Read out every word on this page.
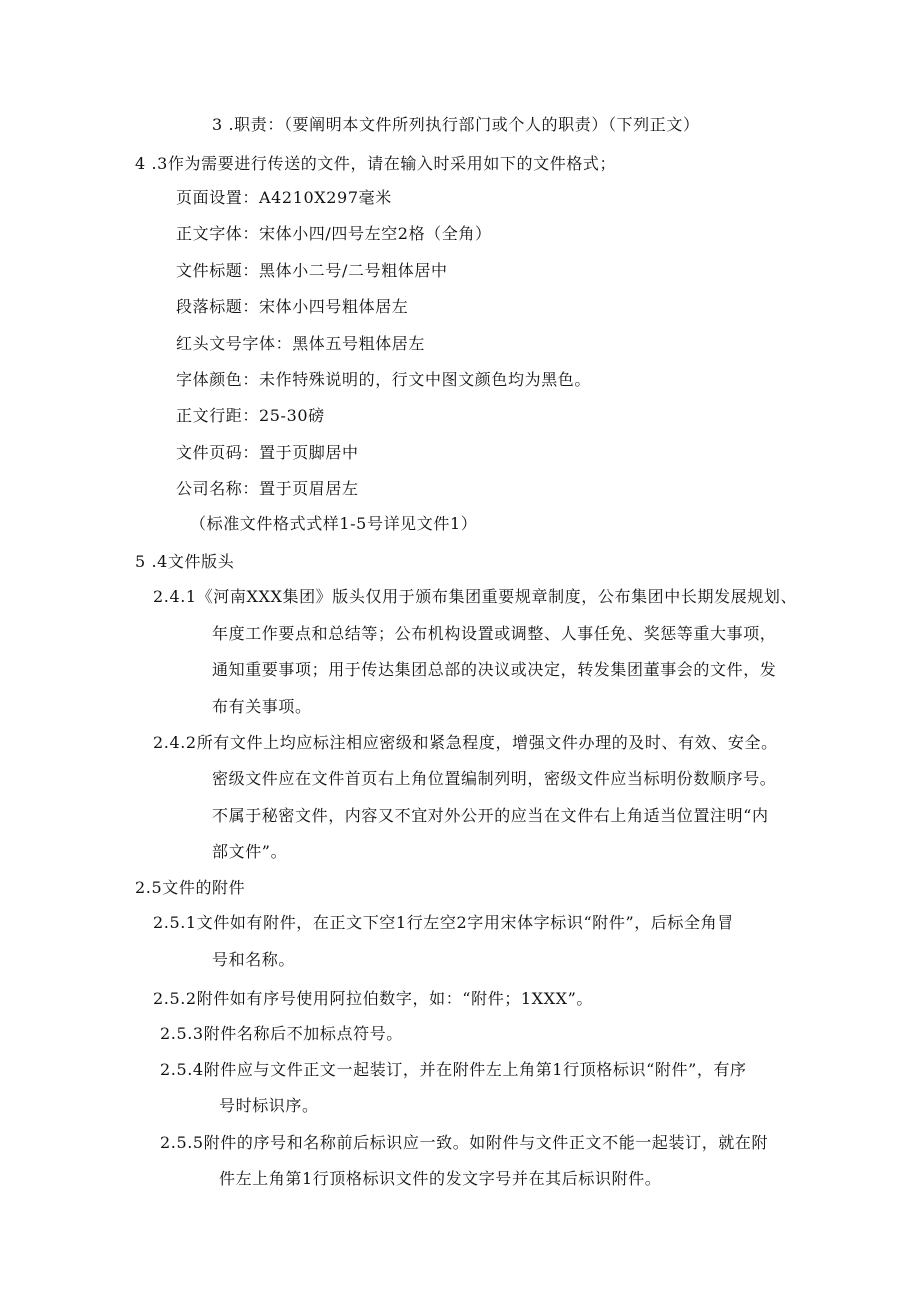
3 .职责：（要阐明本文件所列执行部门或个人的职责）（下列正文）
4 .3作为需要进行传送的文件，请在输入时采用如下的文件格式；
页面设置：A4210X297毫米
正文字体：宋体小四/四号左空2格（全角）
文件标题：黑体小二号/二号粗体居中
段落标题：宋体小四号粗体居左
红头文号字体：黑体五号粗体居左
字体颜色：未作特殊说明的，行文中图文颜色均为黑色。
正文行距：25-30磅
文件页码：置于页脚居中
公司名称：置于页眉居左
（标准文件格式式样1-5号详见文件1）
5 .4文件版头
2.4.1《河南XXX集团》版头仅用于颁布集团重要规章制度，公布集团中长期发展规划、
年度工作要点和总结等；公布机构设置或调整、人事任免、奖惩等重大事项，
通知重要事项；用于传达集团总部的决议或决定，转发集团董事会的文件，发
布有关事项。
2.4.2所有文件上均应标注相应密级和紧急程度，增强文件办理的及时、有效、安全。
密级文件应在文件首页右上角位置编制列明，密级文件应当标明份数顺序号。
不属于秘密文件，内容又不宜对外公开的应当在文件右上角适当位置注明“内
部文件”。
2.5文件的附件
2.5.1文件如有附件，在正文下空1行左空2字用宋体字标识“附件”，后标全角冒
号和名称。
2.5.2附件如有序号使用阿拉伯数字，如：“附件；1XXX”。
2.5.3附件名称后不加标点符号。
2.5.4附件应与文件正文一起装订，并在附件左上角第1行顶格标识“附件”，有序
号时标识序。
2.5.5附件的序号和名称前后标识应一致。如附件与文件正文不能一起装订，就在附
件左上角第1行顶格标识文件的发文字号并在其后标识附件。
